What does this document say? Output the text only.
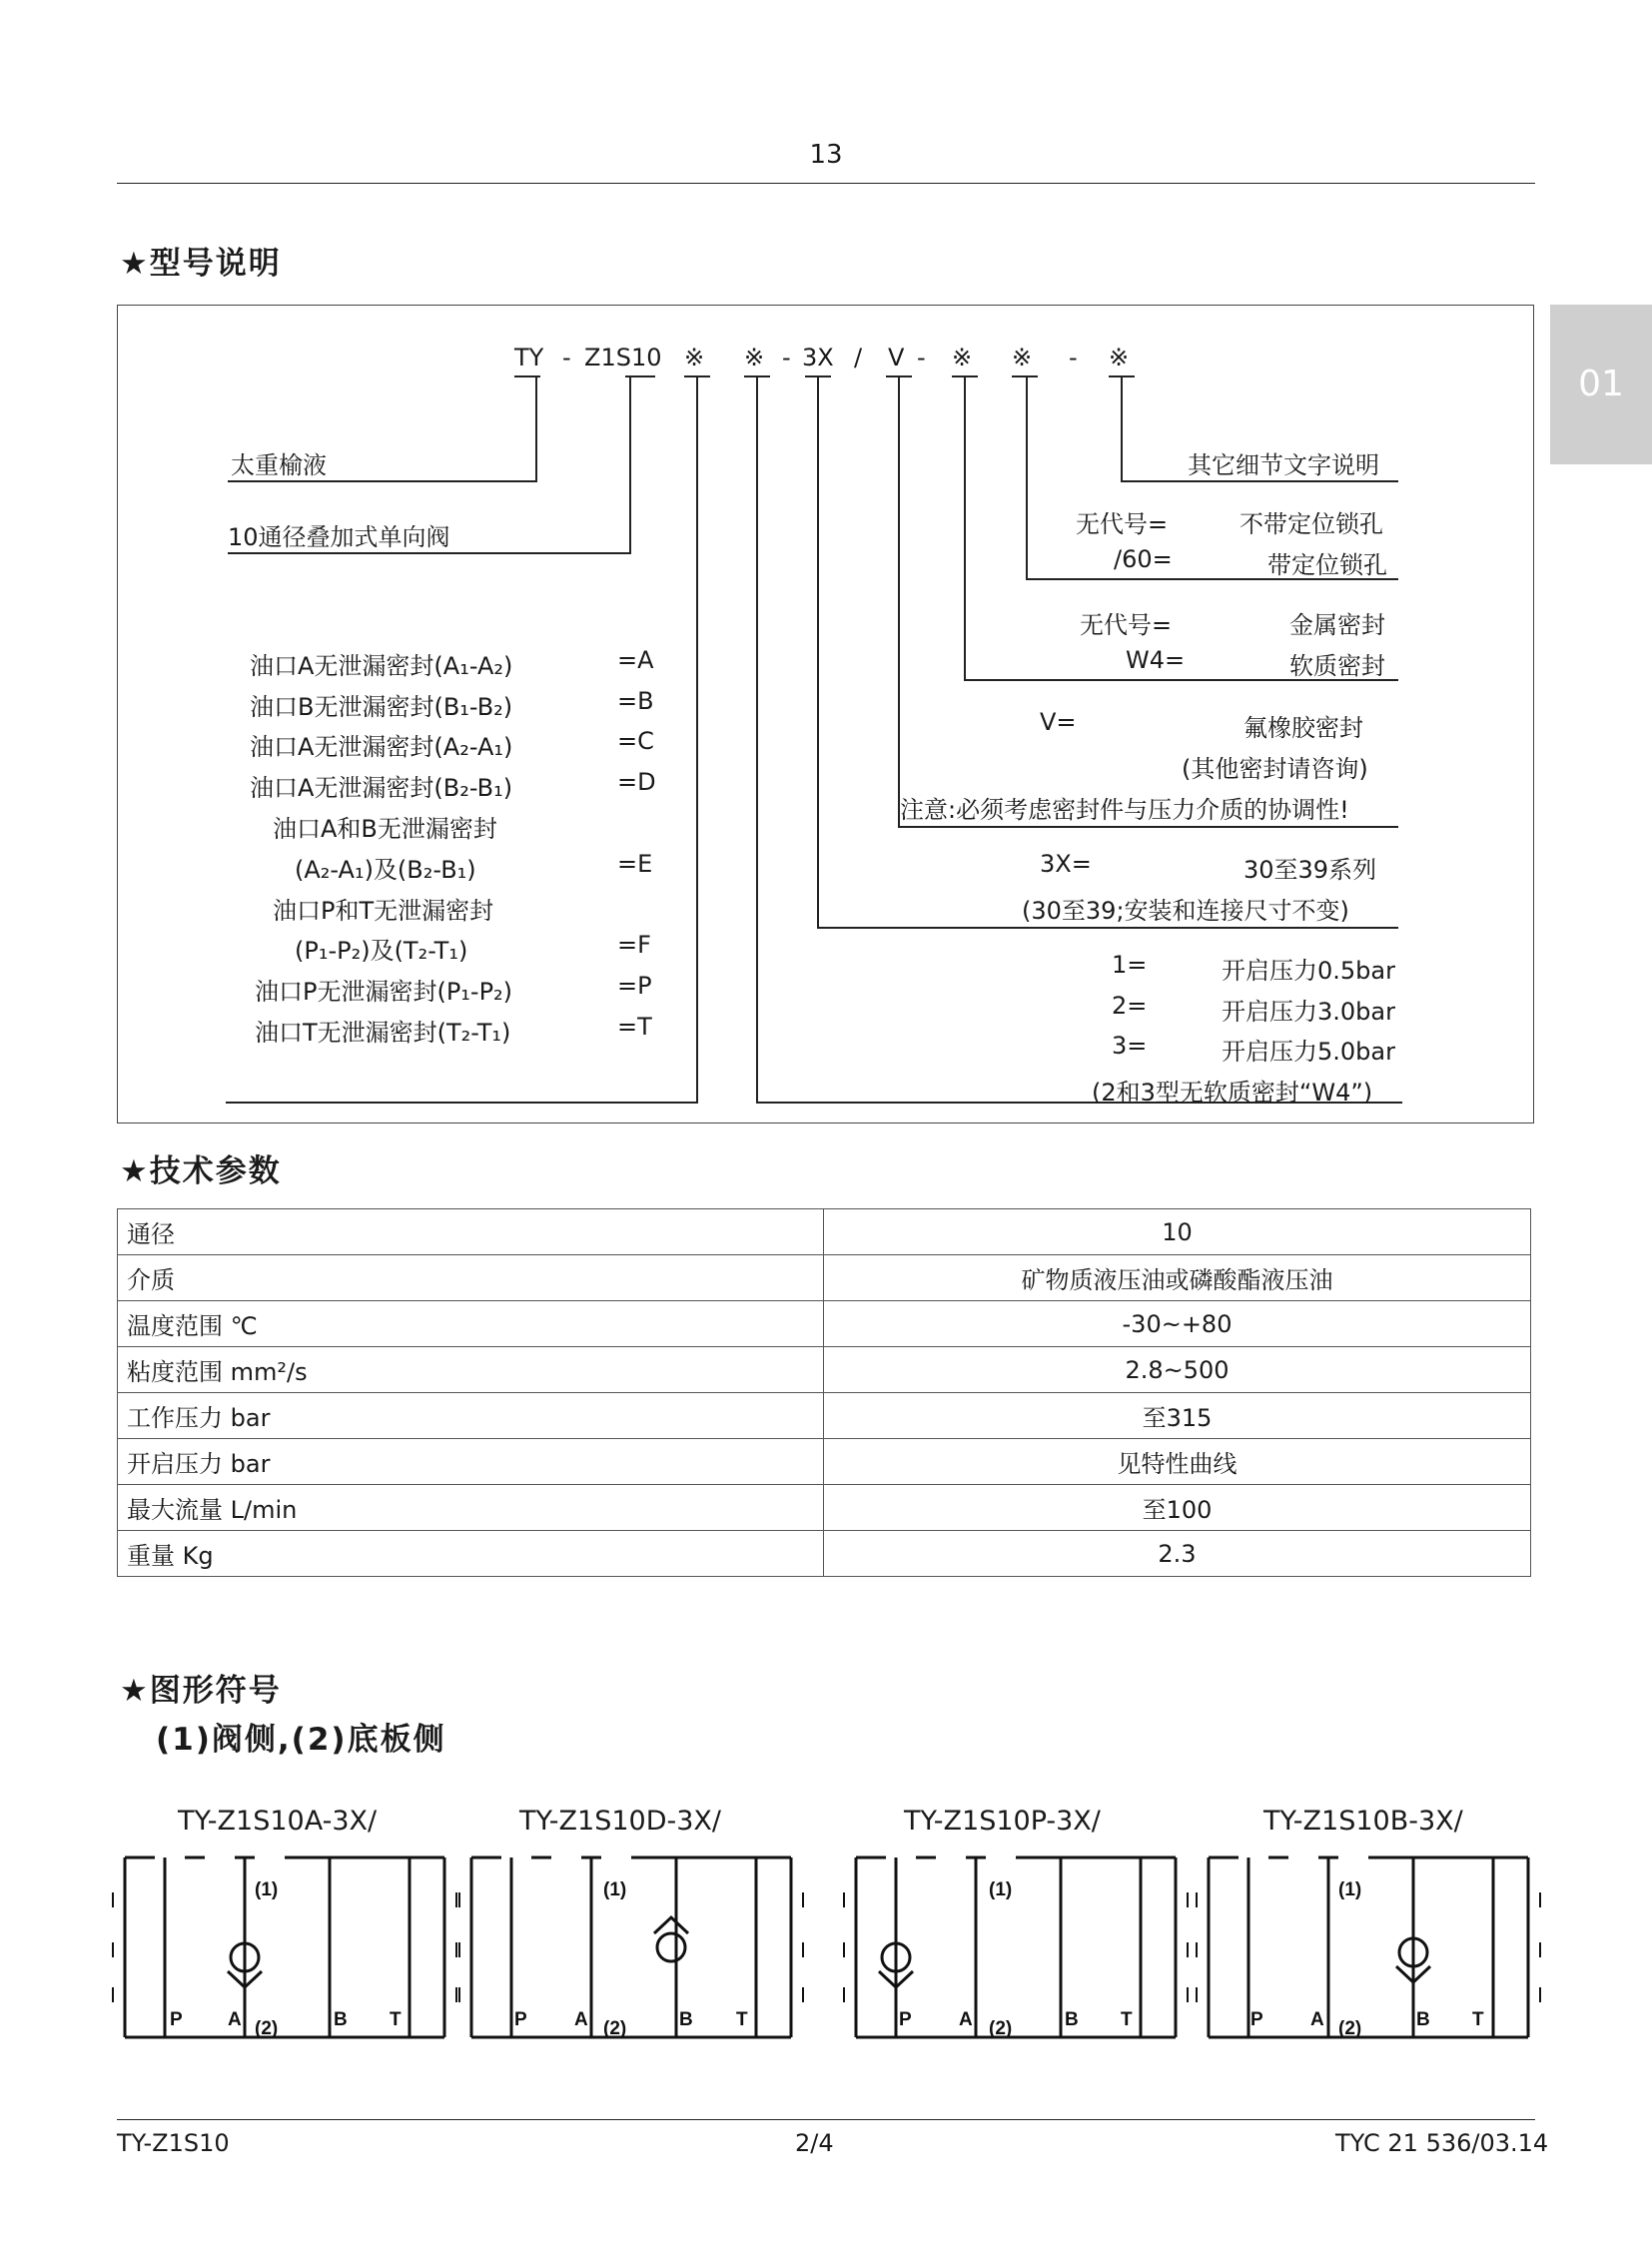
13
01
★型号说明
TY - Z1S10 ※ ※ - 3X / V - ※ ※ - ※
太重榆液
10通径叠加式单向阀
油口A无泄漏密封(A₁-A₂)	=A
油口B无泄漏密封(B₁-B₂)	=B
油口A无泄漏密封(A₂-A₁)	=C
油口A无泄漏密封(B₂-B₁)	=D
油口A和B无泄漏密封
(A₂-A₁)及(B₂-B₁)	=E
油口P和T无泄漏密封
(P₁-P₂)及(T₂-T₁)	=F
油口P无泄漏密封(P₁-P₂)	=P
油口T无泄漏密封(T₂-T₁)	=T
其它细节文字说明
无代号=	不带定位锁孔
/60=	带定位锁孔
无代号=	金属密封
W4=	软质密封
V=	氟橡胶密封
(其他密封请咨询)
注意:必须考虑密封件与压力介质的协调性!
3X=	30至39系列
(30至39;安装和连接尺寸不变)
1=	开启压力0.5bar
2=	开启压力3.0bar
3=	开启压力5.0bar
(2和3型无软质密封“W4”)
★技术参数
通径	10
介质	矿物质液压油或磷酸酯液压油
温度范围 ℃	-30~+80
粘度范围 mm²/s	2.8~500
工作压力 bar	至315
开启压力 bar	见特性曲线
最大流量 L/min	至100
重量 Kg	2.3
★图形符号
(1)阀侧,(2)底板侧
TY-Z1S10A-3X/	TY-Z1S10D-3X/	TY-Z1S10P-3X/	TY-Z1S10B-3X/
(1)
(2)
P A	B T
(1)
(2)
P A	B T
(1)
(2)
P A	B T
(1)
(2)
P A	B T
TY-Z1S10	2/4	TYC 21 536/03.14
